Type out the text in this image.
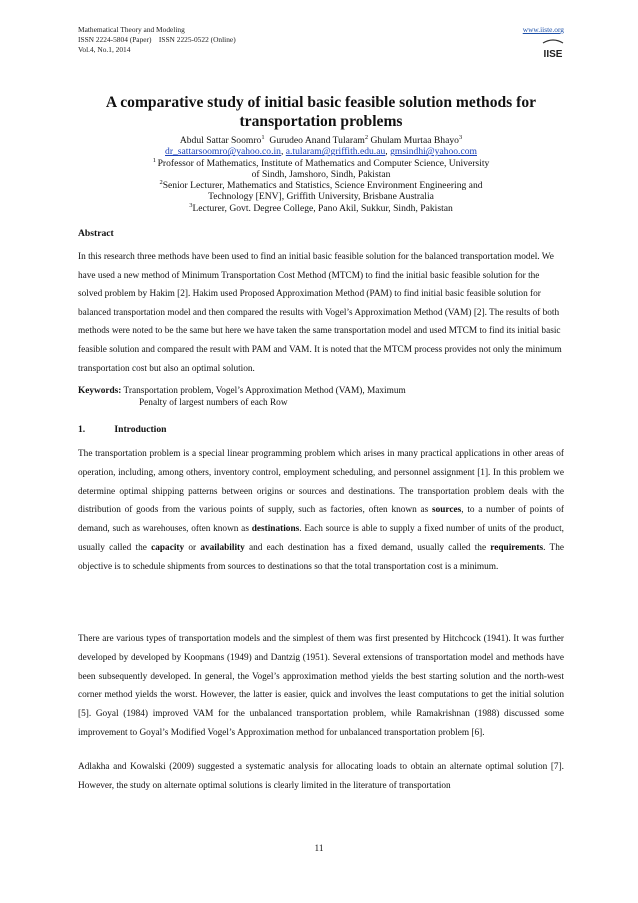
Mathematical Theory and Modeling
ISSN 2224-5804 (Paper)    ISSN 2225-0522 (Online)
Vol.4, No.1, 2014
www.iiste.org
IISE
A comparative study of initial basic feasible solution methods for transportation problems
Abdul Sattar Soomro$^1$ Gurudeo Anand Tularam$^2$ Ghulam Murtaa Bhayo$^3$
dr_sattarsoomro@yahoo.co.in, a.tularam@griffith.edu.au, gmsindhi@yahoo.com
$^1$ Professor of Mathematics, Institute of Mathematics and Computer Science, University
of Sindh, Jamshoro, Sindh, Pakistan
$^2$Senior Lecturer, Mathematics and Statistics, Science Environment Engineering and
Technology [ENV], Griffith University, Brisbane Australia
$^3$Lecturer, Govt. Degree College, Pano Akil, Sukkur, Sindh, Pakistan
Abstract
In this research three methods have been used to find an initial basic feasible solution for the balanced transportation model. We have used a new method of Minimum Transportation Cost Method (MTCM) to find the initial basic feasible solution for the solved problem by Hakim [2]. Hakim used Proposed Approximation Method (PAM) to find initial basic feasible solution for balanced transportation model and then compared the results with Vogel’s Approximation Method (VAM) [2]. The results of both methods were noted to be the same but here we have taken the same transportation model and used MTCM to find its initial basic feasible solution and compared the result with PAM and VAM. It is noted that the MTCM process provides not only the minimum transportation cost but also an optimal solution.
Keywords: Transportation problem, Vogel’s Approximation Method (VAM), Maximum
Penalty of largest numbers of each Row
1.	Introduction
The transportation problem is a special linear programming problem which arises in many practical applications in other areas of operation, including, among others, inventory control, employment scheduling, and personnel assignment [1]. In this problem we determine optimal shipping patterns between origins or sources and destinations. The transportation problem deals with the distribution of goods from the various points of supply, such as factories, often known as sources, to a number of points of demand, such as warehouses, often known as destinations. Each source is able to supply a fixed number of units of the product, usually called the capacity or availability and each destination has a fixed demand, usually called the requirements. The objective is to schedule shipments from sources to destinations so that the total transportation cost is a minimum.
There are various types of transportation models and the simplest of them was first presented by Hitchcock (1941). It was further developed by developed by Koopmans (1949) and Dantzig (1951). Several extensions of transportation model and methods have been subsequently developed. In general, the Vogel’s approximation method yields the best starting solution and the north-west corner method yields the worst. However, the latter is easier, quick and involves the least computations to get the initial solution [5]. Goyal (1984) improved VAM for the unbalanced transportation problem, while Ramakrishnan (1988) discussed some improvement to Goyal’s Modified Vogel’s Approximation method for unbalanced transportation problem [6].
Adlakha and Kowalski (2009) suggested a systematic analysis for allocating loads to obtain an alternate optimal solution [7]. However, the study on alternate optimal solutions is clearly limited in the literature of transportation
11
